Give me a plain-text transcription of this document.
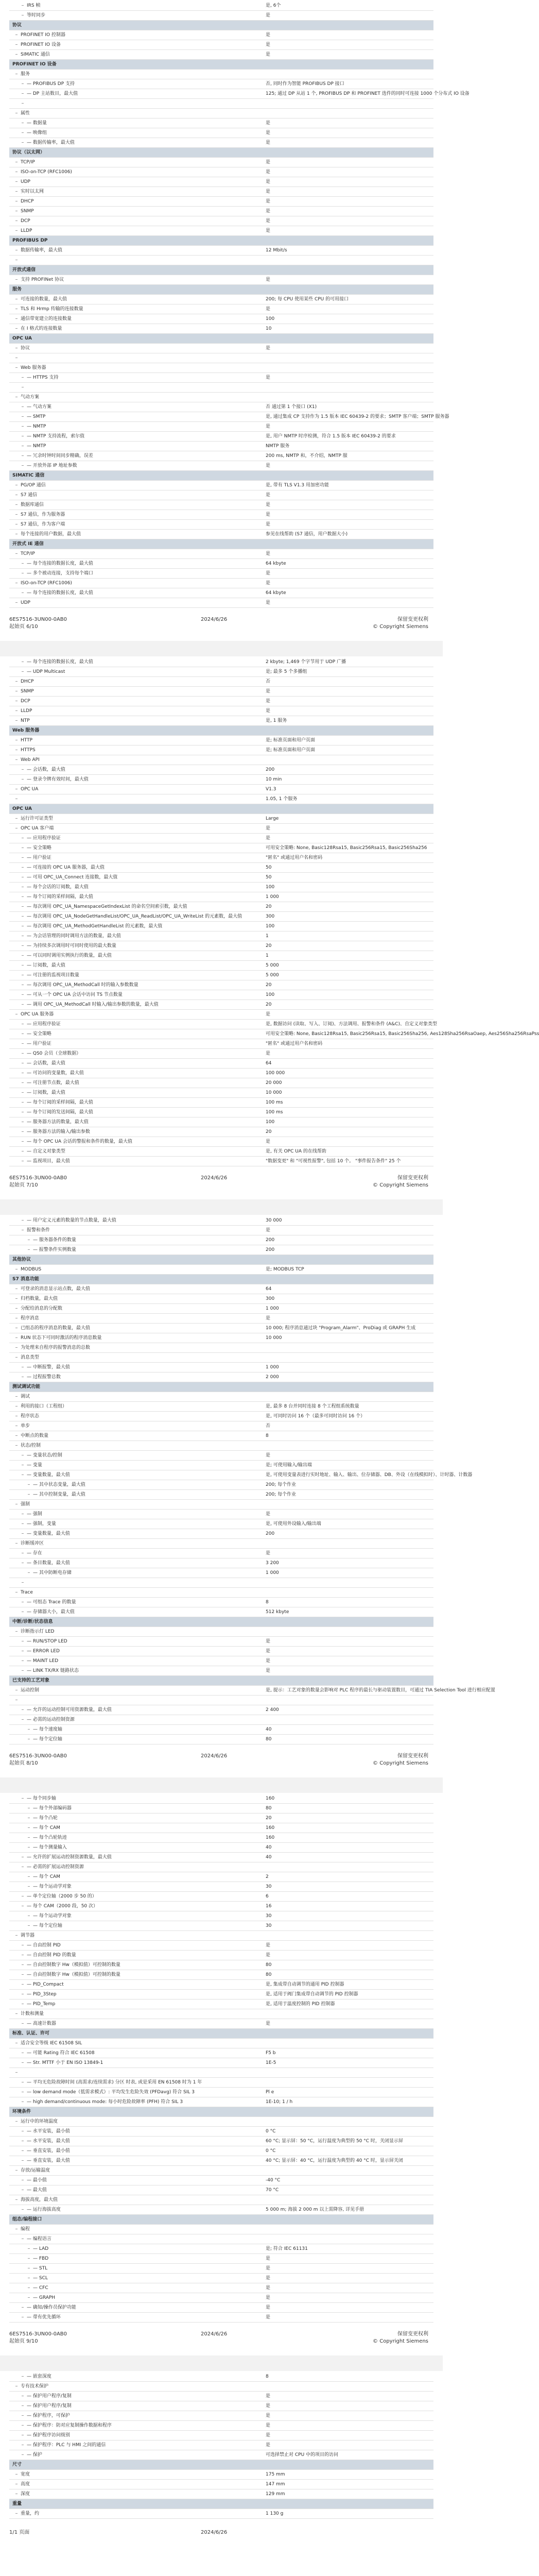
IRS 帧	是, 6个
等时同步	是
协议
PROFINET IO 控制器	是
PROFINET IO 设备	是
SIMATIC 通信	是
PROFINET IO 设备
服务
— PROFIBUS DP 支持	否, 同时作为智能 PROFIBUS DP 接口
— DP 主站数目，最大值	125; 通过 DP 从站 1 个, PROFIBUS DP 和 PROFINET 选件的同时可连接 1000 个分布式 IO 设备
属性
— 数据量	是
— 映像组	是
— 数据传输率，最大值	是
协议（以太网）
TCP/IP	是
ISO-on-TCP (RFC1006)	是
UDP	是
实时以太网	是
DHCP	是
SNMP	是
DCP	是
LLDP	是
PROFIBUS DP
数据传输率，最大值	12 Mbit/s
开放式通信
支持 PROFINet 协议	是
服务
可连接的数量，最大值	200; 每 CPU 使用某些 CPU 的可用接口
TLS 和 Hrmp 传输的连接数量	是
通信带宽建立的连接数量	100
在 I 格式的连接数量	10
OPC UA
协议	是
Web 服务器
— HTTPS 支持	是
气动方案
— 气动方案	否 通过第 1 个接口 (X1)
— SMTP	是, 通过集成 CP 支持作为 1.5 版本 IEC 60439-2 的要求；SMTP 客户端；SMTP 服务器
— NMTP	是
— NMTP 支持流程，索尔值	是, 用户 NMTP 时序检测，符合 1.5 版本 IEC 60439-2 的要求
— NMTP	NMTP 服务
— 冗余时钟时间同步精确，误差	200 ms, NMTP 和，不介绍，NMTP 服
— 开放外部 IP 地址参数	是
SIMATIC 通信
PG/OP 通信	是, 带有 TLS V1.3 用加密功能
S7 通信	是
数据库通信	是
S7 通信，作为服务器	是
S7 通信，作为客户端	是
每个连接的用户数据，最大值	参见在线帮助 (S7 通信，用户数据大小)
开放式 IE 通信
TCP/IP	是
— 每个连接的数据长度，最大值	64 kbyte
— 多个被动连接，支持每个端口	是
ISO-on-TCP (RFC1006)	是
— 每个连接的数据长度，最大值	64 kbyte
UDP	是
6ES7516-3UN00-0AB0
起始页 6/10
2024/6/26	保留变更权利
© Copyright Siemens
— 每个连接的数据长度，最大值	2 kbyte; 1,469 个字节用于 UDP 广播
— UDP Multicast	是; 最多 5 个多播组
DHCP	否
SNMP	是
DCP	是
LLDP	是
NTP	是, 1 服务
Web 服务器
HTTP	是; 标准页面和用户页面
HTTPS	是; 标准页面和用户页面
Web API
— 会话数，最大值	200
— 登录令牌有效时间，最大值	10 min
OPC UA	V1.3
1.05, 1 个服务
OPC UA
运行许可证类型	Large
OPC UA 客户端	是
— 应用程序验证	是
— 安全策略	可用安全策略: None, Basic128Rsa15, Basic256Rsa15, Basic256Sha256
— 用户验证	"匿名" 或通过用户名和密码
— 可连接的 OPC UA 服务器，最大值	50
— 可用 OPC_UA_Connect 连接数，最大值	50
— 每个会话的订阅数，最大值	100
— 每个订阅的采样间隔，最大值	1 000
— 每次调用 OPC_UA_NamespaceGetIndexList 的命名空间索引数，最大值	20
— 每次调用 OPC_UA_NodeGetHandleList/OPC_UA_ReadList/OPC_UA_WriteList 的元素数，最大值	300
— 每次调用 OPC_UA_MethodGetHandleList 的元素数，最大值	100
— 为会话管理的同时调用方法的数量，最大值	1
— 为持续多次调用时可同时使用的最大数量	20
— 可以同时调用实例执行的数量，最大值	1
— 订阅数，最大值	5 000
— 可注册的监视项目数量	5 000
— 每次调用 OPC_UA_MethodCall 时的输入参数数量	20
— 可从一个 OPC UA 会话中访问 TS 节点数量	100
— 调用 OPC_UA_MethodCall 时输入/输出参数的数量，最大值	20
OPC UA 服务器	是
— 应用程序验证	是, 数据访问 (读取、写入、订阅)、方法调用、报警和条件 (A&C)、自定义对象类型
— 安全策略	可用安全策略: None, Basic128Rsa15, Basic256Rsa15, Basic256Sha256, Aes128Sha256RsaOaep, Aes256Sha256RsaPss
— 用户验证	"匿名" 或通过用户名和密码
— QS0 会员（全球数据）	是
— 会话数，最大值	64
— 可访问的变量数，最大值	100 000
— 可注册节点数，最大值	20 000
— 订阅数，最大值	10 000
— 每个订阅的采样间隔，最大值	100 ms
— 每个订阅的发送间隔，最大值	100 ms
— 服务器方法的数量，最大值	100
— 服务器方法的输入/输出参数	20
— 每个 OPC UA 会话的警报和条件的数量，最大值	是
— 自定义对象类型	是, 有关 OPC UA 的在线帮助
— 监视项目，最大值	"数据变更" 和 "可视性报警", 包括 10 个。 "事件报告条件" 25 个
6ES7516-3UN00-0AB0
起始页 7/10
2024/6/26	保留变更权利
© Copyright Siemens
— 用户定义元素的数量的节点数量，最大值	30 000
报警和条件	是
— 服务器条件的数量	200
— 报警条件实例数量	200
其他协议
MODBUS	是; MODBUS TCP
S7 消息功能
可登录的消息显示站点数，最大值	64
归档数量，最大值	300
分配给消息的分配数	1 000
程序消息	是
已组态的程序消息的数量，最大值	10 000; 程序消息通过块 "Program_Alarm"、ProDiag 或 GRAPH 生成
RUN 状态下可同时激活的程序消息数量	10 000
为处理来自程序的报警消息的总数
消息类型
— 中断报警，最大值	1 000
— 过程报警总数	2 000
测试调试功能
调试
利用的接口（工程组）	是, 最多 8 台并同时连接 8 个工程组系统数量
程序状态	是, 可同时访问 16 个（最多可同时访问 16 个）
单步	否
中断点的数量	8
状态/控制
— 变量状态/控制	是
— 变量	是; 可使用输入/输出端
— 变量数量，最大值	是, 可使用变量表进行实时地址、输入、输出、位存储器、DB、外设（在线模拟时）、计时器、计数器
— 其中状态变量，最大值	200; 每个作业
— 其中控制变量，最大值	200; 每个作业
强制
— 强制	是
— 强制，变量	是, 可使用外设输入/输出端
— 变量数量，最大值	200
诊断缓冲区
— 存在	是
— 条目数量，最大值	3 200
— 其中防断电存储	1 000
Trace
— 可组态 Trace 的数量	8
— 存储器大小，最大值	512 kbyte
中断/诊断/状态信息
诊断指示灯 LED
— RUN/STOP LED	是
— ERROR LED	是
— MAINT LED	是
— LINK TX/RX 链路状态	是
已支持的工艺对象
运动控制	是, 提示：工艺对象的数量会影响对 PLC 程序的最长与驱动装置数目，可通过 TIA Selection Tool 进行相应配置
— 允许的运动控制可用资源数量，最大值	2 400
— 必需的运动控制资源
— 每个速度轴	40
— 每个定位轴	80
6ES7516-3UN00-0AB0
起始页 8/10
2024/6/26	保留变更权利
© Copyright Siemens
— 每个同步轴	160
— 每个外部编码器	80
— 每个凸轮	20
— 每个 CAM	160
— 每个凸轮轨迹	160
— 每个测量输入	40
— 允许的扩展运动控制资源数量，最大值	40
— 必需的扩展运动控制资源
— 每个 CAM	2
— 每个运动学对象	30
— 单个定位轴（2000 步 50 的）	6
— 每个 CAM（2000 段，50 次）	16
— 每个运动学对象	30
— 每个定位轴	30
调节器
— 自由控制 PID	是
— 自由控制 PID 的数量	是
— 自由控制数字 Hw（模拟值）可控制的数量	80
— 自由控制数字 Hw（模拟值）可控制的数量	80
— PID_Compact	是, 集成带自动调节的通用 PID 控制器
— PID_3Step	是, 适用于阀门集成带自动调节的 PID 控制器
— PID_Temp	是, 适用于温度控制的 PID 控制器
计数和测量
— 高速计数器	是
标准、认证、许可
适合安全等级 IEC 61508 SIL
— 可能 Rating 符合 IEC 61508	F5 b
— Str. MTTF 小于 EN ISO 13849-1	1E-5
— 平均无危险故障时间 (高需求/连续需求) 分区 时表, 或是采用 EN 61508 时为 1 年
— low demand mode（低需求模式）: 平均发生危险失效 (PFDavg) 符合 SIL 3	Pl e
— high demand/continuous mode: 每小时危险故障率 (PFH) 符合 SIL 3	1E-10; 1 / h
环境条件
运行中的环境温度
— 水平安装，最小值	0 °C
— 水平安装，最大值	60 °C; 显示屏：50 °C，运行温度为典型的 50 °C 时，关闭显示屏
— 垂直安装，最小值	0 °C
— 垂直安装，最大值	40 °C; 显示屏：40 °C，运行温度为典型的 40 °C 时，显示屏关闭
存放/运输温度
— 最小值	-40 °C
— 最大值	70 °C
海拔高度，最大值
— 运行海拔高度	5 000 m; 海拔 2 000 m 以上需降容, 详见手册
组态/编程接口
编程
— 编程语言
— LAD	是; 符合 IEC 61131
— FBD	是
— STL	是
— SCL	是
— CFC	是
— GRAPH	是
— 确知/操作员保护功能	是
— 带有优先循环	是
6ES7516-3UN00-0AB0
起始页 9/10
2024/6/26	保留变更权利
© Copyright Siemens
— 嵌套深度	8
专有技术保护
— 保护用户程序/复制	是
— 保护用户程序/复制	是
— 保护程序，可保护	是
— 保护程序：防对应复制操作数据和程序	是
— 保护程序访问级别	是
— 保护程序：PLC 与 HMI 之间的通信	是
— 保护	可选择禁止对 CPU 中的项目的访问
尺寸
宽度	175 mm
高度	147 mm
深度	129 mm
重量
重量，约	1 130 g
1/1 页面	2024/6/26
